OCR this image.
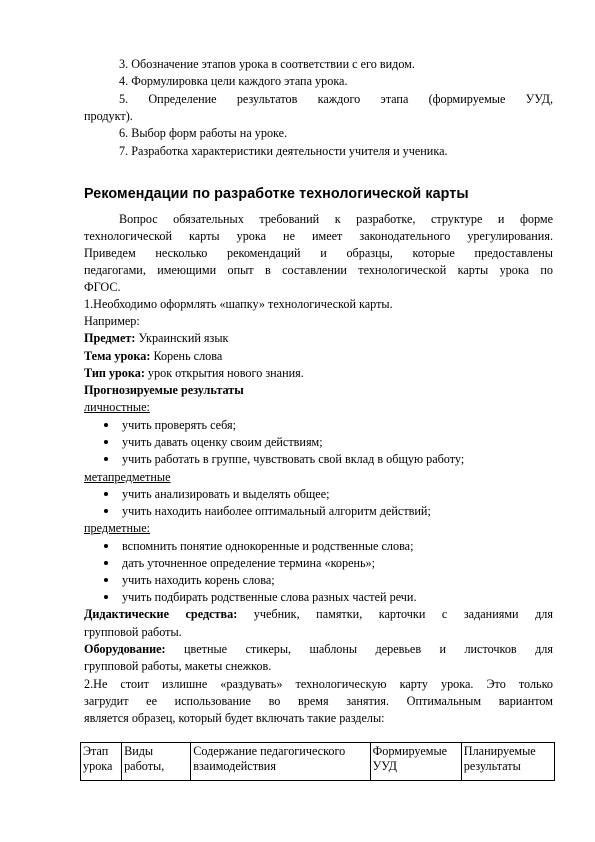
3. Обозначение этапов урока в соответствии с его видом.
4. Формулировка цели каждого этапа урока.
5. Определение результатов каждого этапа (формируемые УУД,
продукт).
6. Выбор форм работы на уроке.
7. Разработка характеристики деятельности учителя и ученика.
Рекомендации по разработке технологической карты
Вопрос обязательных требований к разработке, структуре и форме
технологической карты урока не имеет законодательного урегулирования.
Приведем несколько рекомендаций и образцы, которые предоставлены
педагогами, имеющими опыт в составлении технологической карты урока по
ФГОС.
1.Необходимо оформлять «шапку» технологической карты.
Например:
Предмет: Украинский язык
Тема урока: Корень слова
Тип урока: урок открытия нового знания.
Прогнозируемые результаты
личностные:
учить проверять себя;
учить давать оценку своим действиям;
учить работать в группе, чувствовать свой вклад в общую работу;
метапредметные
учить анализировать и выделять общее;
учить находить наиболее оптимальный алгоритм действий;
предметные:
вспомнить понятие однокоренные и родственные слова;
дать уточненное определение термина «корень»;
учить находить корень слова;
учить подбирать родственные слова разных частей речи.
Дидактические средства: учебник, памятки, карточки с заданиями для
групповой работы.
Оборудование: цветные стикеры, шаблоны деревьев и листочков для
групповой работы, макеты снежков.
2.Не стоит излишне «раздувать» технологическую карту урока. Это только
загрудит ее использование во время занятия. Оптимальным вариантом
является образец, который будет включать такие разделы:
Этап урока	Виды работы,	Содержание педагогического взаимодействия	Формируемые УУД	Планируемые результаты
